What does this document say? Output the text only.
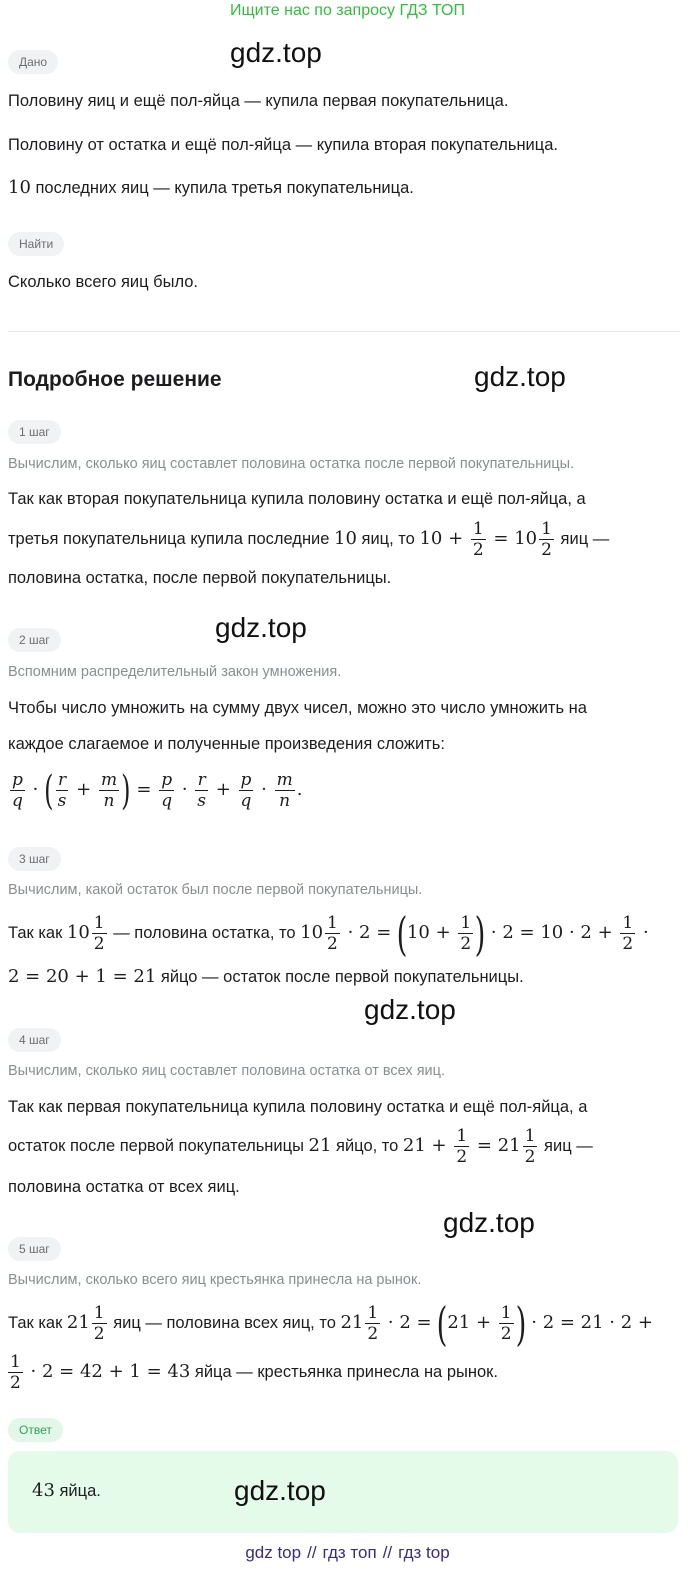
Ищите нас по запросу ГДЗ ТОП
gdz.top
gdz.top
gdz.top
gdz.top
gdz.top
gdz.top
Дано
Половину яиц и ещё пол-яйца — купила первая покупательница.
Половину от остатка и ещё пол-яйца — купила вторая покупательница.
10 последних яиц — купила третья покупательница.
Найти
Сколько всего яиц было.
Подробное решение
1 шаг
Вычислим, сколько яиц составлет половина остатка после первой покупательницы.
Так как вторая покупательница купила половину остатка и ещё пол-яйца, а
третья покупательница купила последние 10 яиц, то $10 + \frac{1}{2} = 10 \frac{1}{2}$ яиц —
половина остатка, после первой покупательницы.
2 шаг
Вспомним распределительный закон умножения.
Чтобы число умножить на сумму двух чисел, можно это число умножить на
каждое слагаемое и полученные произведения сложить:
$\frac{p}{q}$ · ( $\frac{r}{s} + \frac{m}{n}$ ) = $\frac{p}{q} \cdot \frac{r}{s} + \frac{p}{q} \cdot \frac{m}{n}$ .
3 шаг
Вычислим, какой остаток был после первой покупательницы.
Так как $10 \frac{1}{2}$ — половина остатка, то $10 \frac{1}{2} \cdot 2 = (10 + \frac{1}{2}$ ) · $2 = 10 \cdot 2 + \frac{1}{2}$ ·
2 = 20 + 1 = 21 яйцо — остаток после первой покупательницы.
4 шаг
Вычислим, сколько яиц составлет половина остатка от всех яиц.
Так как первая покупательница купила половину остатка и ещё пол-яйца, а
остаток после первой покупательницы 21 яйцо, то $21 + \frac{1}{2} = 21 \frac{1}{2}$ яиц —
половина остатка от всех яиц.
5 шаг
Вычислим, сколько всего яиц крестьянка принесла на рынок.
Так как $21 \frac{1}{2}$ яиц — половина всех яиц, то $21 \frac{1}{2} \cdot 2 = (21 + \frac{1}{2}$ ) · 2 = 21 · 2 +
$\frac{1}{2} \cdot 2 = 42 + 1 = 43$ яйца — крестьянка принесла на рынок.
Ответ
43 яйца.
gdz top // гдз топ // гдз top
